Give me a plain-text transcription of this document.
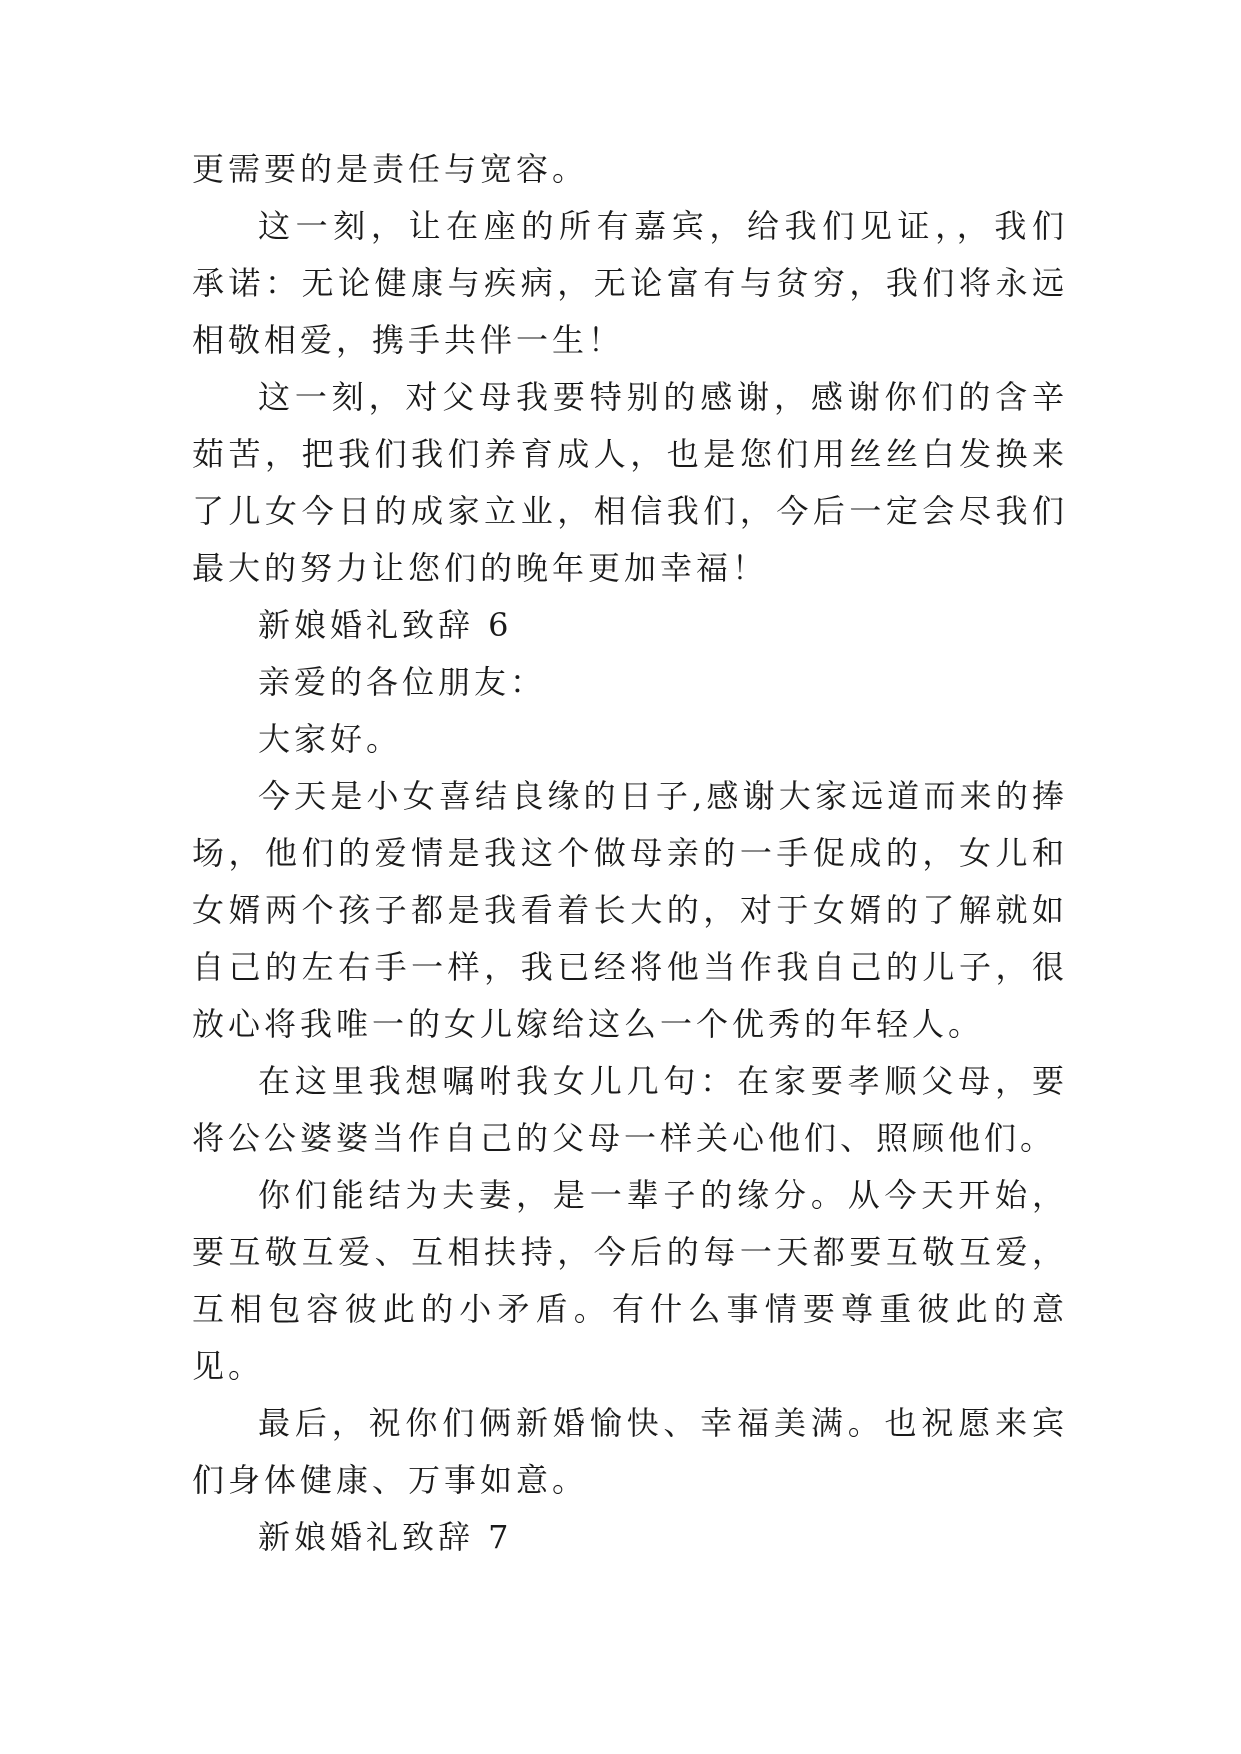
更需要的是责任与宽容。

这一刻，让在座的所有嘉宾，给我们见证，，我们承诺：无论健康与疾病，无论富有与贫穷，我们将永远相敬相爱，携手共伴一生！

这一刻，对父母我要特别的感谢，感谢你们的含辛茹苦，把我们我们养育成人，也是您们用丝丝白发换来了儿女今日的成家立业，相信我们，今后一定会尽我们最大的努力让您们的晚年更加幸福！

新娘婚礼致辞 6

亲爱的各位朋友：

大家好。

今天是小女喜结良缘的日子,感谢大家远道而来的捧场，他们的爱情是我这个做母亲的一手促成的，女儿和女婿两个孩子都是我看着长大的，对于女婿的了解就如自己的左右手一样，我已经将他当作我自己的儿子，很放心将我唯一的女儿嫁给这么一个优秀的年轻人。

在这里我想嘱咐我女儿几句：在家要孝顺父母，要将公公婆婆当作自己的父母一样关心他们、照顾他们。

你们能结为夫妻，是一辈子的缘分。从今天开始，要互敬互爱、互相扶持，今后的每一天都要互敬互爱，互相包容彼此的小矛盾。有什么事情要尊重彼此的意见。

最后，祝你们俩新婚愉快、幸福美满。也祝愿来宾们身体健康、万事如意。

新娘婚礼致辞 7
